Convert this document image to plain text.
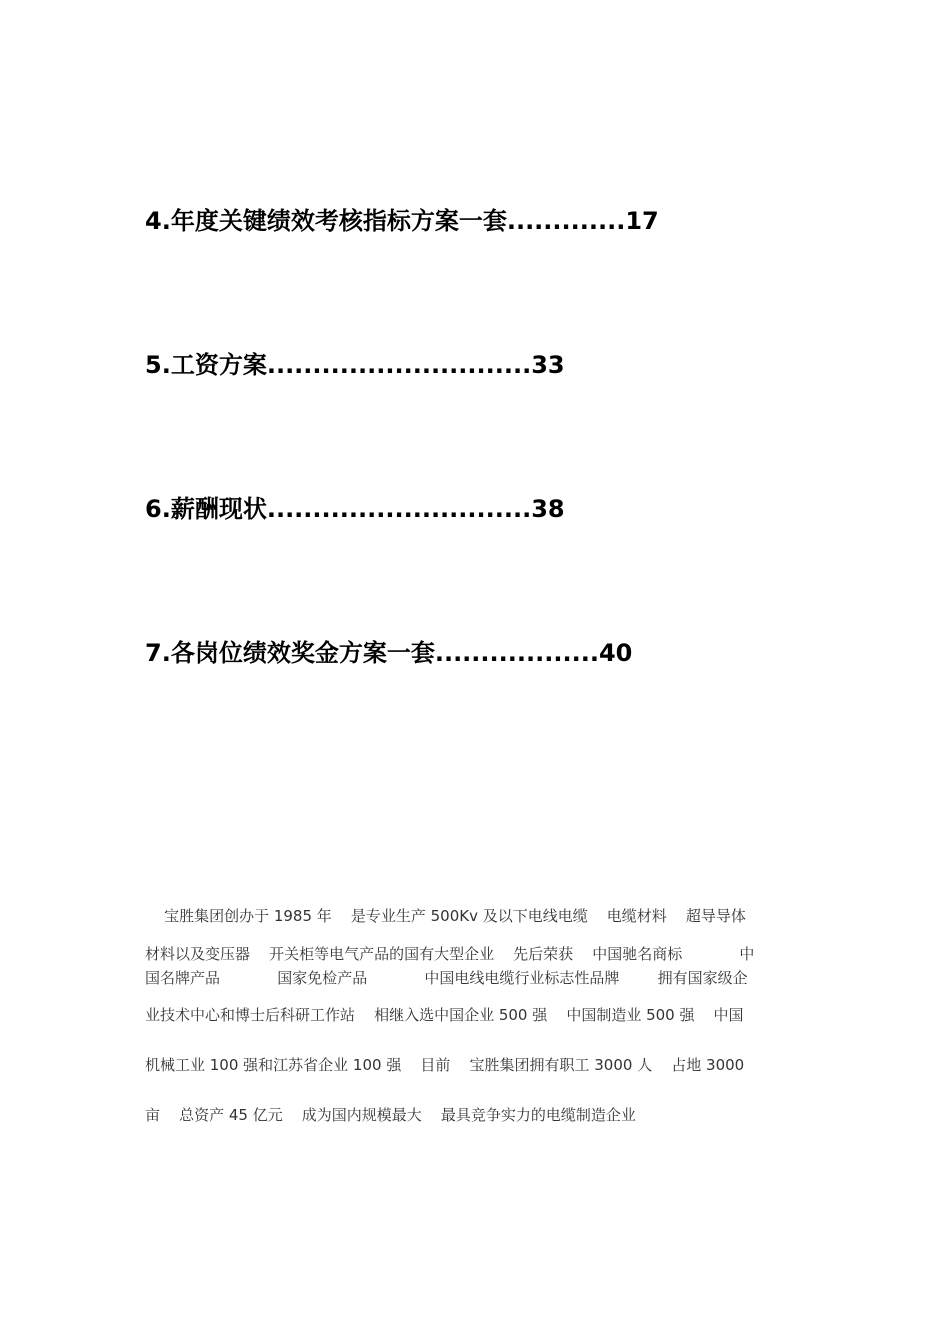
4.年度关键绩效考核指标方案一套.............17
5.工资方案.............................33
6.薪酬现状.............................38
7.各岗位绩效奖金方案一套..................40
宝胜集团创办于 1985 年    是专业生产 500Kv 及以下电线电缆    电缆材料    超导导体
材料以及变压器    开关柜等电气产品的国有大型企业    先后荣获    中国驰名商标            中
国名牌产品            国家免检产品            中国电线电缆行业标志性品牌        拥有国家级企
业技术中心和博士后科研工作站    相继入选中国企业 500 强    中国制造业 500 强    中国
机械工业 100 强和江苏省企业 100 强    目前    宝胜集团拥有职工 3000 人    占地 3000
亩    总资产 45 亿元    成为国内规模最大    最具竞争实力的电缆制造企业
